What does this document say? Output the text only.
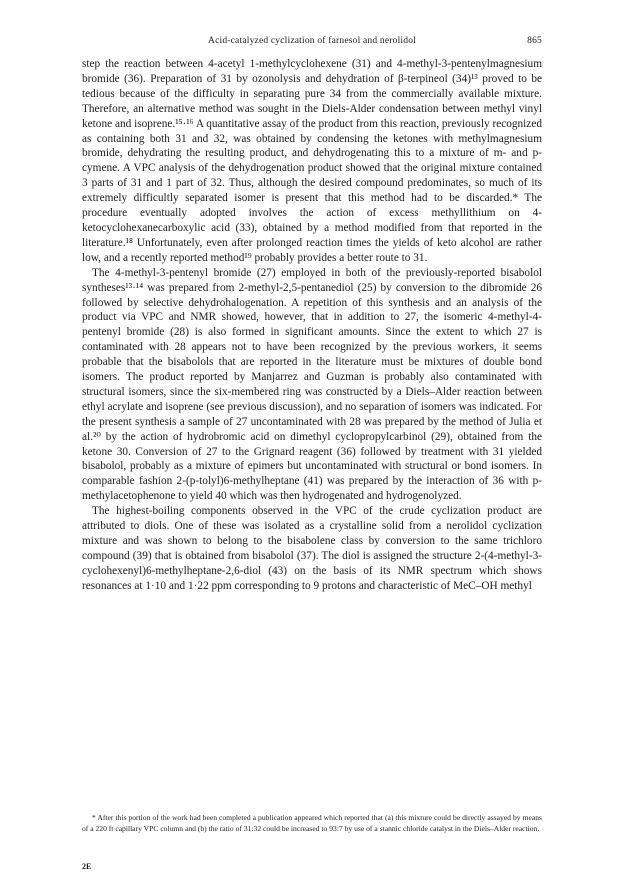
Acid-catalyzed cyclization of farnesol and nerolidol	865

step the reaction between 4-acetyl 1-methylcyclohexene (31) and 4-methyl-3-pentenylmagnesium bromide (36). Preparation of 31 by ozonolysis and dehydration of β-terpineol (34)¹³ proved to be tedious because of the difficulty in separating pure 34 from the commercially available mixture. Therefore, an alternative method was sought in the Diels-Alder condensation between methyl vinyl ketone and isoprene.¹⁵·¹⁶ A quantitative assay of the product from this reaction, previously recognized as containing both 31 and 32, was obtained by condensing the ketones with methylmagnesium bromide, dehydrating the resulting product, and dehydrogenating this to a mixture of m- and p-cymene. A VPC analysis of the dehydrogenation product showed that the original mixture contained 3 parts of 31 and 1 part of 32. Thus, although the desired compound predominates, so much of its extremely difficultly separated isomer is present that this method had to be discarded.* The procedure eventually adopted involves the action of excess methyllithium on 4-ketocyclohexanecarboxylic acid (33), obtained by a method modified from that reported in the literature.¹⁸ Unfortunately, even after prolonged reaction times the yields of keto alcohol are rather low, and a recently reported method¹⁹ probably provides a better route to 31.

The 4-methyl-3-pentenyl bromide (27) employed in both of the previously-reported bisabolol syntheses¹³·¹⁴ was prepared from 2-methyl-2,5-pentanediol (25) by conversion to the dibromide 26 followed by selective dehydrohalogenation. A repetition of this synthesis and an analysis of the product via VPC and NMR showed, however, that in addition to 27, the isomeric 4-methyl-4-pentenyl bromide (28) is also formed in significant amounts. Since the extent to which 27 is contaminated with 28 appears not to have been recognized by the previous workers, it seems probable that the bisabolols that are reported in the literature must be mixtures of double bond isomers. The product reported by Manjarrez and Guzman is probably also contaminated with structural isomers, since the six-membered ring was constructed by a Diels–Alder reaction between ethyl acrylate and isoprene (see previous discussion), and no separation of isomers was indicated. For the present synthesis a sample of 27 uncontaminated with 28 was prepared by the method of Julia et al.²⁰ by the action of hydrobromic acid on dimethyl cyclopropylcarbinol (29), obtained from the ketone 30. Conversion of 27 to the Grignard reagent (36) followed by treatment with 31 yielded bisabolol, probably as a mixture of epimers but uncontaminated with structural or bond isomers. In comparable fashion 2-(p-tolyl)6-methylheptane (41) was prepared by the interaction of 36 with p-methylacetophenone to yield 40 which was then hydrogenated and hydrogenolyzed.

The highest-boiling components observed in the VPC of the crude cyclization product are attributed to diols. One of these was isolated as a crystalline solid from a nerolidol cyclization mixture and was shown to belong to the bisabolene class by conversion to the same trichloro compound (39) that is obtained from bisabolol (37). The diol is assigned the structure 2-(4-methyl-3-cyclohexenyl)6-methylheptane-2,6-diol (43) on the basis of its NMR spectrum which shows resonances at 1·10 and 1·22 ppm corresponding to 9 protons and characteristic of MeC–OH methyl

* After this portion of the work had been completed a publication appeared which reported that (a) this mixture could be directly assayed by means of a 220 ft capillary VPC column and (b) the ratio of 31:32 could be increased to 93:7 by use of a stannic chloride catalyst in the Diels–Alder reaction.

2E
